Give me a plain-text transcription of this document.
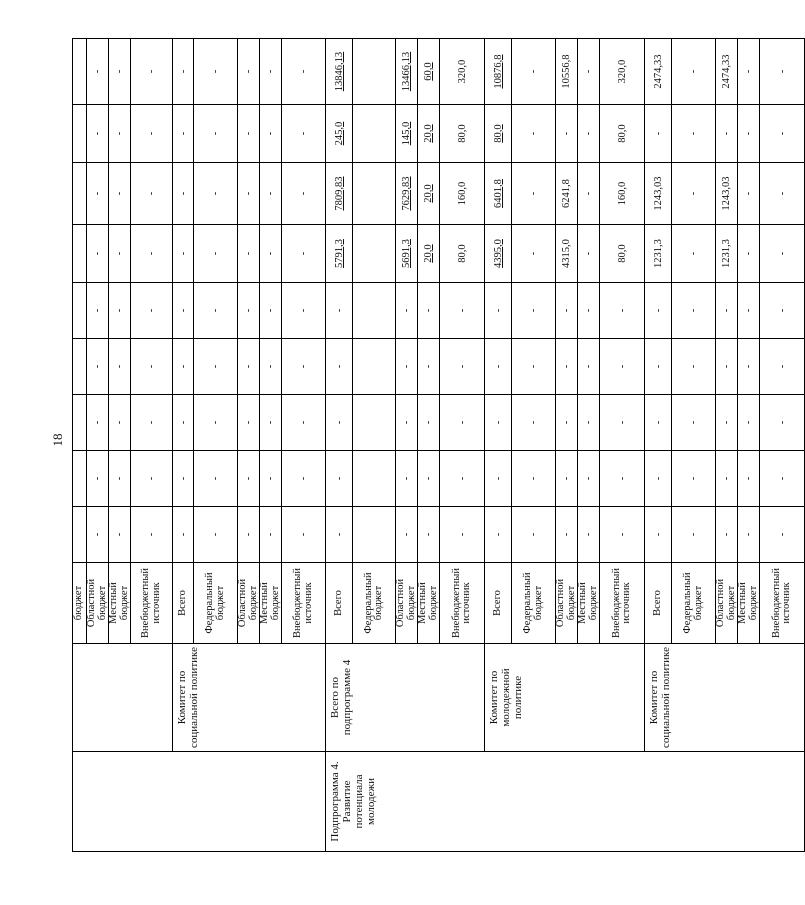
18
		бюджет									
		Областной бюджет	-	-	-	-	-	-	-	-	-
		Местный бюджет	-	-	-	-	-	-	-	-	-
		Внебюджетный источник	-	-	-	-	-	-	-	-	-
	Комитет по социальной политике	Всего	-	-	-	-	-	-	-	-	-
		Федеральный бюджет	-	-	-	-	-	-	-	-	-
		Областной бюджет	-	-	-	-	-	-	-	-	-
		Местный бюджет	-	-	-	-	-	-	-	-	-
		Внебюджетный источник	-	-	-	-	-	-	-	-	-
Подпрограмма 4. Развитие потенциала молодежи	Всего по подпрограмме 4	Всего	-	-	-	-	-	5791,3	7809,83	245,0	13846,13
		Федеральный бюджет									
		Областной бюджет	-	-	-	-	-	5691,3	7629,83	145,0	13466,13
		Местный бюджет	-	-	-	-	-	20,0	20,0	20,0	60,0
		Внебюджетный источник	-	-	-	-	-	80,0	160,0	80,0	320,0
	Комитет по молодежной политике	Всего	-	-	-	-	-	4395,0	6401,8	80,0	10876,8
		Федеральный бюджет	-	-	-	-	-	-	-	-	-
		Областной бюджет	-	-	-	-	-	4315,0	6241,8	-	10556,8
		Местный бюджет	-	-	-	-	-	-	-	-	-
		Внебюджетный источник	-	-	-	-	-	80,0	160,0	80,0	320,0
	Комитет по социальной политике	Всего	-	-	-	-	-	1231,3	1243,03	-	2474,33
		Федеральный бюджет	-	-	-	-	-	-	-	-	-
		Областной бюджет	-	-	-	-	-	1231,3	1243,03	-	2474,33
		Местный бюджет	-	-	-	-	-	-	-	-	-
		Внебюджетный источник	-	-	-	-	-	-	-	-	-
